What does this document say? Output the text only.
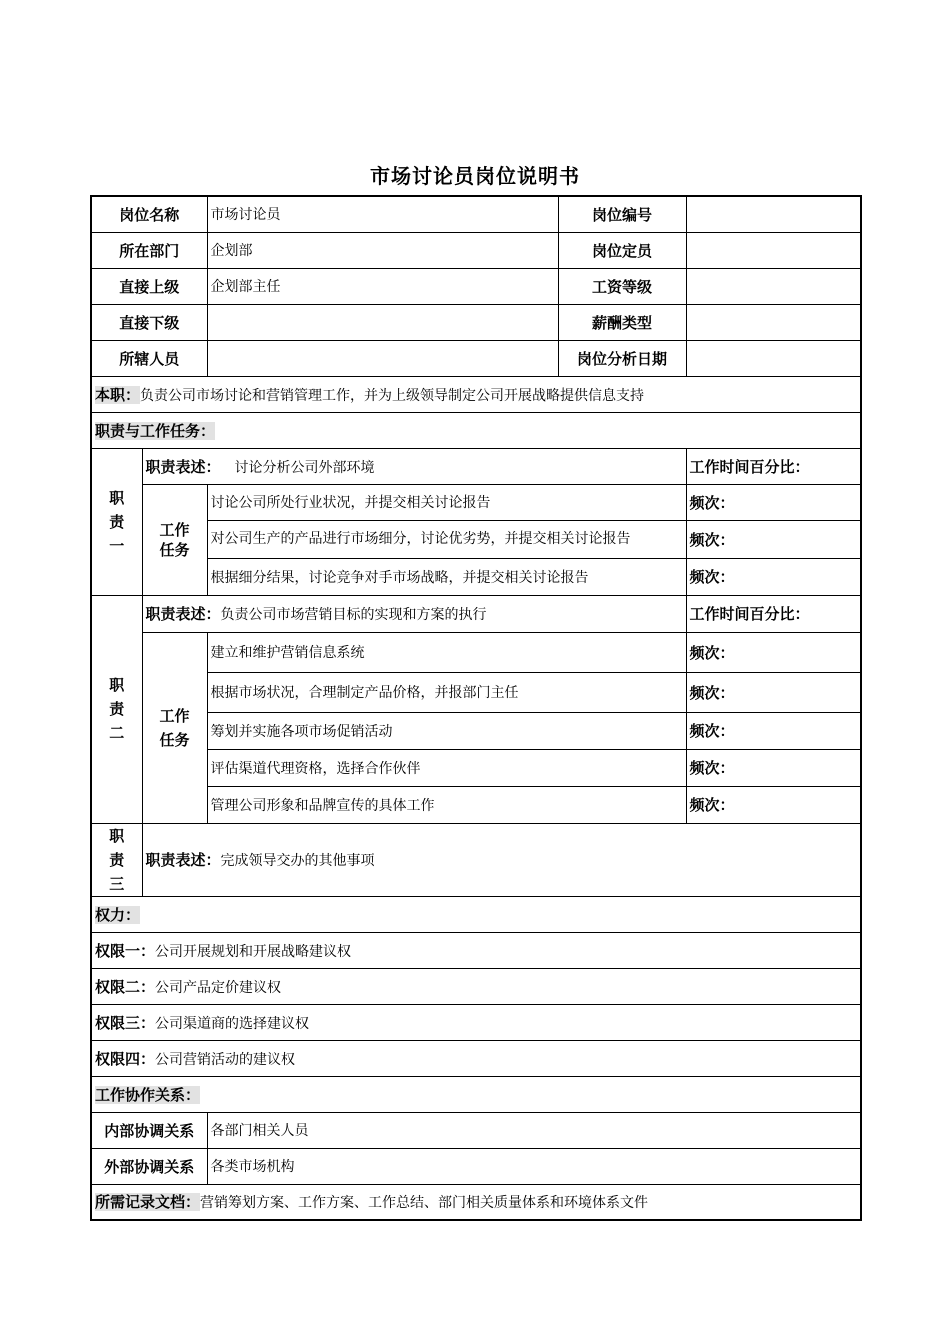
市场讨论员岗位说明书
岗位名称		市场讨论员	岗位编号	
所在部门		企划部	岗位定员	
直接上级		企划部主任	工资等级	
直接下级			薪酬类型	
所辖人员			岗位分析日期	
本职：负责公司市场讨论和营销管理工作，并为上级领导制定公司开展战略提供信息支持				
职责与工作任务：				
职
责
一	职责表述： 讨论分析公司外部环境			工作时间百分比：
	工作
任务	讨论公司所处行业状况，并提交相关讨论报告		频次：
		对公司生产的产品进行市场细分，讨论优劣势，并提交相关讨论报告		频次：
		根据细分结果，讨论竞争对手市场战略，并提交相关讨论报告		频次：
职
责
二	职责表述：负责公司市场营销目标的实现和方案的执行			工作时间百分比：
	工作
任务	建立和维护营销信息系统		频次：
		根据市场状况，合理制定产品价格，并报部门主任		频次：
		筹划并实施各项市场促销活动		频次：
		评估渠道代理资格，选择合作伙伴		频次：
		管理公司形象和品牌宣传的具体工作		频次：
职
责
三	职责表述：完成领导交办的其他事项			
权力：				
权限一：公司开展规划和开展战略建议权				
权限二：公司产品定价建议权				
权限三：公司渠道商的选择建议权				
权限四：公司营销活动的建议权				
工作协作关系：				
内部协调关系		各部门相关人员		
外部协调关系		各类市场机构		
所需记录文档：营销筹划方案、工作方案、工作总结、部门相关质量体系和环境体系文件				
